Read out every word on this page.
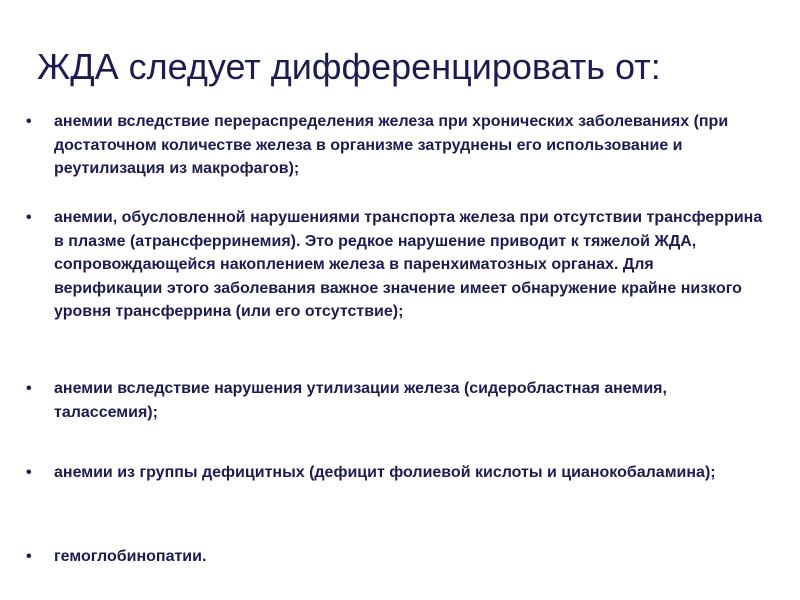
ЖДА следует дифференцировать от:
•	анемии вследствие перераспределения железа при хронических заболеваниях (при достаточном количестве железа в организме затруднены его использование и реутилизация из макрофагов);
•	анемии, обусловленной нарушениями транспорта железа при отсутствии трансферрина в плазме (атрансферринемия). Это редкое нарушение приводит к тяжелой ЖДА, сопровождающейся накоплением железа в паренхиматозных органах. Для верификации этого заболевания важное значение имеет обнаружение крайне низкого уровня трансферрина (или его отсутствие);
•	анемии вследствие нарушения утилизации железа (сидеробластная анемия, талассемия);
•	анемии из группы дефицитных (дефицит фолиевой кислоты и цианокобаламина);
•	гемоглобинопатии.
